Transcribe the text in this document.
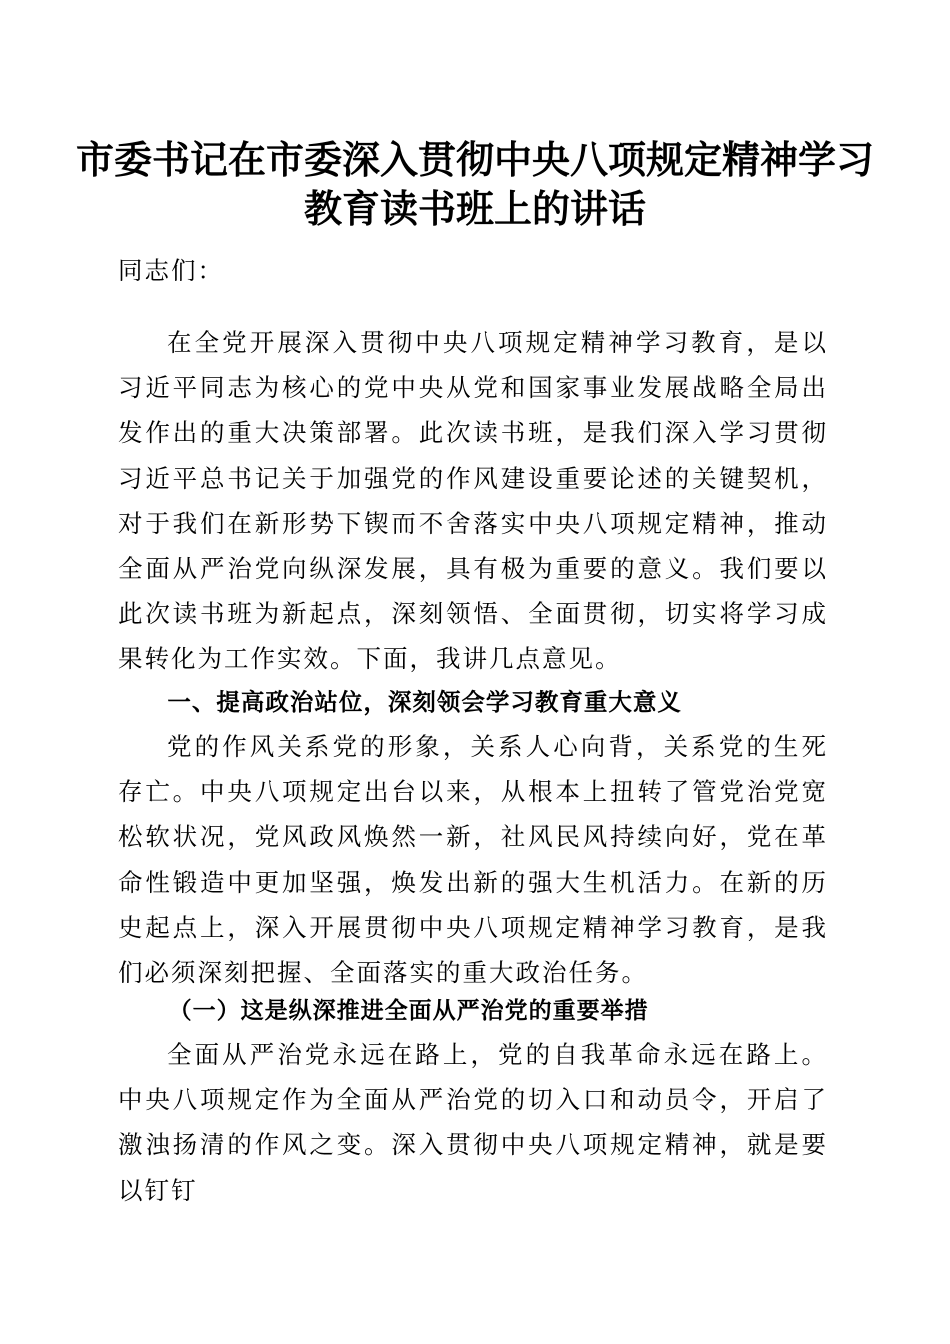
市委书记在市委深入贯彻中央八项规定精神学习教育读书班上的讲话
同志们：
在全党开展深入贯彻中央八项规定精神学习教育，是以习近平同志为核心的党中央从党和国家事业发展战略全局出发作出的重大决策部署。此次读书班，是我们深入学习贯彻习近平总书记关于加强党的作风建设重要论述的关键契机，对于我们在新形势下锲而不舍落实中央八项规定精神，推动全面从严治党向纵深发展，具有极为重要的意义。我们要以此次读书班为新起点，深刻领悟、全面贯彻，切实将学习成果转化为工作实效。下面，我讲几点意见。
一、提高政治站位，深刻领会学习教育重大意义
党的作风关系党的形象，关系人心向背，关系党的生死存亡。中央八项规定出台以来，从根本上扭转了管党治党宽松软状况，党风政风焕然一新，社风民风持续向好，党在革命性锻造中更加坚强，焕发出新的强大生机活力。在新的历史起点上，深入开展贯彻中央八项规定精神学习教育，是我们必须深刻把握、全面落实的重大政治任务。
（一）这是纵深推进全面从严治党的重要举措
全面从严治党永远在路上，党的自我革命永远在路上。中央八项规定作为全面从严治党的切入口和动员令，开启了激浊扬清的作风之变。深入贯彻中央八项规定精神，就是要以钉钉
